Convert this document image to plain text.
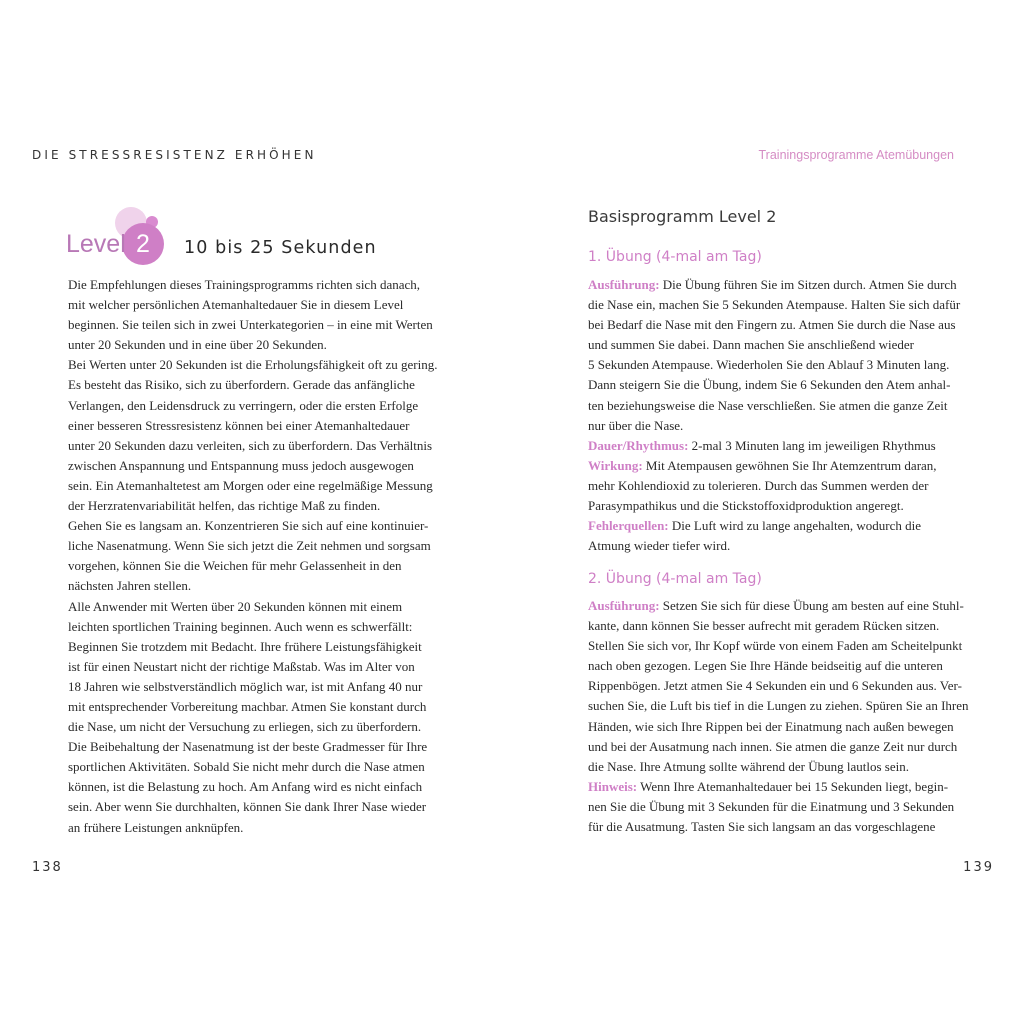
DIE STRESSRESISTENZ ERHÖHEN	Trainingsprogramme Atemübungen
Level 2	10 bis 25 Sekunden
Die Empfehlungen dieses Trainingsprogramms richten sich danach,
mit welcher persönlichen Atemanhaltedauer Sie in diesem Level
beginnen. Sie teilen sich in zwei Unterkategorien – in eine mit Werten
unter 20 Sekunden und in eine über 20 Sekunden.
Bei Werten unter 20 Sekunden ist die Erholungsfähigkeit oft zu gering.
Es besteht das Risiko, sich zu überfordern. Gerade das anfängliche
Verlangen, den Leidensdruck zu verringern, oder die ersten Erfolge
einer besseren Stressresistenz können bei einer Atemanhaltedauer
unter 20 Sekunden dazu verleiten, sich zu überfordern. Das Verhältnis
zwischen Anspannung und Entspannung muss jedoch ausgewogen
sein. Ein Atemanhaltetest am Morgen oder eine regelmäßige Messung
der Herzratenvariabilität helfen, das richtige Maß zu finden.
Gehen Sie es langsam an. Konzentrieren Sie sich auf eine kontinuier-
liche Nasenatmung. Wenn Sie sich jetzt die Zeit nehmen und sorgsam
vorgehen, können Sie die Weichen für mehr Gelassenheit in den
nächsten Jahren stellen.
Alle Anwender mit Werten über 20 Sekunden können mit einem
leichten sportlichen Training beginnen. Auch wenn es schwerfällt:
Beginnen Sie trotzdem mit Bedacht. Ihre frühere Leistungsfähigkeit
ist für einen Neustart nicht der richtige Maßstab. Was im Alter von
18 Jahren wie selbstverständlich möglich war, ist mit Anfang 40 nur
mit entsprechender Vorbereitung machbar. Atmen Sie konstant durch
die Nase, um nicht der Versuchung zu erliegen, sich zu überfordern.
Die Beibehaltung der Nasenatmung ist der beste Gradmesser für Ihre
sportlichen Aktivitäten. Sobald Sie nicht mehr durch die Nase atmen
können, ist die Belastung zu hoch. Am Anfang wird es nicht einfach
sein. Aber wenn Sie durchhalten, können Sie dank Ihrer Nase wieder
an frühere Leistungen anknüpfen.
138
Basisprogramm Level 2
1. Übung (4-mal am Tag)
Ausführung: Die Übung führen Sie im Sitzen durch. Atmen Sie durch
die Nase ein, machen Sie 5 Sekunden Atempause. Halten Sie sich dafür
bei Bedarf die Nase mit den Fingern zu. Atmen Sie durch die Nase aus
und summen Sie dabei. Dann machen Sie anschließend wieder
5 Sekunden Atempause. Wiederholen Sie den Ablauf 3 Minuten lang.
Dann steigern Sie die Übung, indem Sie 6 Sekunden den Atem anhal-
ten beziehungsweise die Nase verschließen. Sie atmen die ganze Zeit
nur über die Nase.
Dauer/Rhythmus: 2-mal 3 Minuten lang im jeweiligen Rhythmus
Wirkung: Mit Atempausen gewöhnen Sie Ihr Atemzentrum daran,
mehr Kohlendioxid zu tolerieren. Durch das Summen werden der
Parasympathikus und die Stickstoffoxidproduktion angeregt.
Fehlerquellen: Die Luft wird zu lange angehalten, wodurch die
Atmung wieder tiefer wird.
2. Übung (4-mal am Tag)
Ausführung: Setzen Sie sich für diese Übung am besten auf eine Stuhl-
kante, dann können Sie besser aufrecht mit geradem Rücken sitzen.
Stellen Sie sich vor, Ihr Kopf würde von einem Faden am Scheitelpunkt
nach oben gezogen. Legen Sie Ihre Hände beidseitig auf die unteren
Rippenbögen. Jetzt atmen Sie 4 Sekunden ein und 6 Sekunden aus. Ver-
suchen Sie, die Luft bis tief in die Lungen zu ziehen. Spüren Sie an Ihren
Händen, wie sich Ihre Rippen bei der Einatmung nach außen bewegen
und bei der Ausatmung nach innen. Sie atmen die ganze Zeit nur durch
die Nase. Ihre Atmung sollte während der Übung lautlos sein.
Hinweis: Wenn Ihre Atemanhaltedauer bei 15 Sekunden liegt, begin-
nen Sie die Übung mit 3 Sekunden für die Einatmung und 3 Sekunden
für die Ausatmung. Tasten Sie sich langsam an das vorgeschlagene
139
